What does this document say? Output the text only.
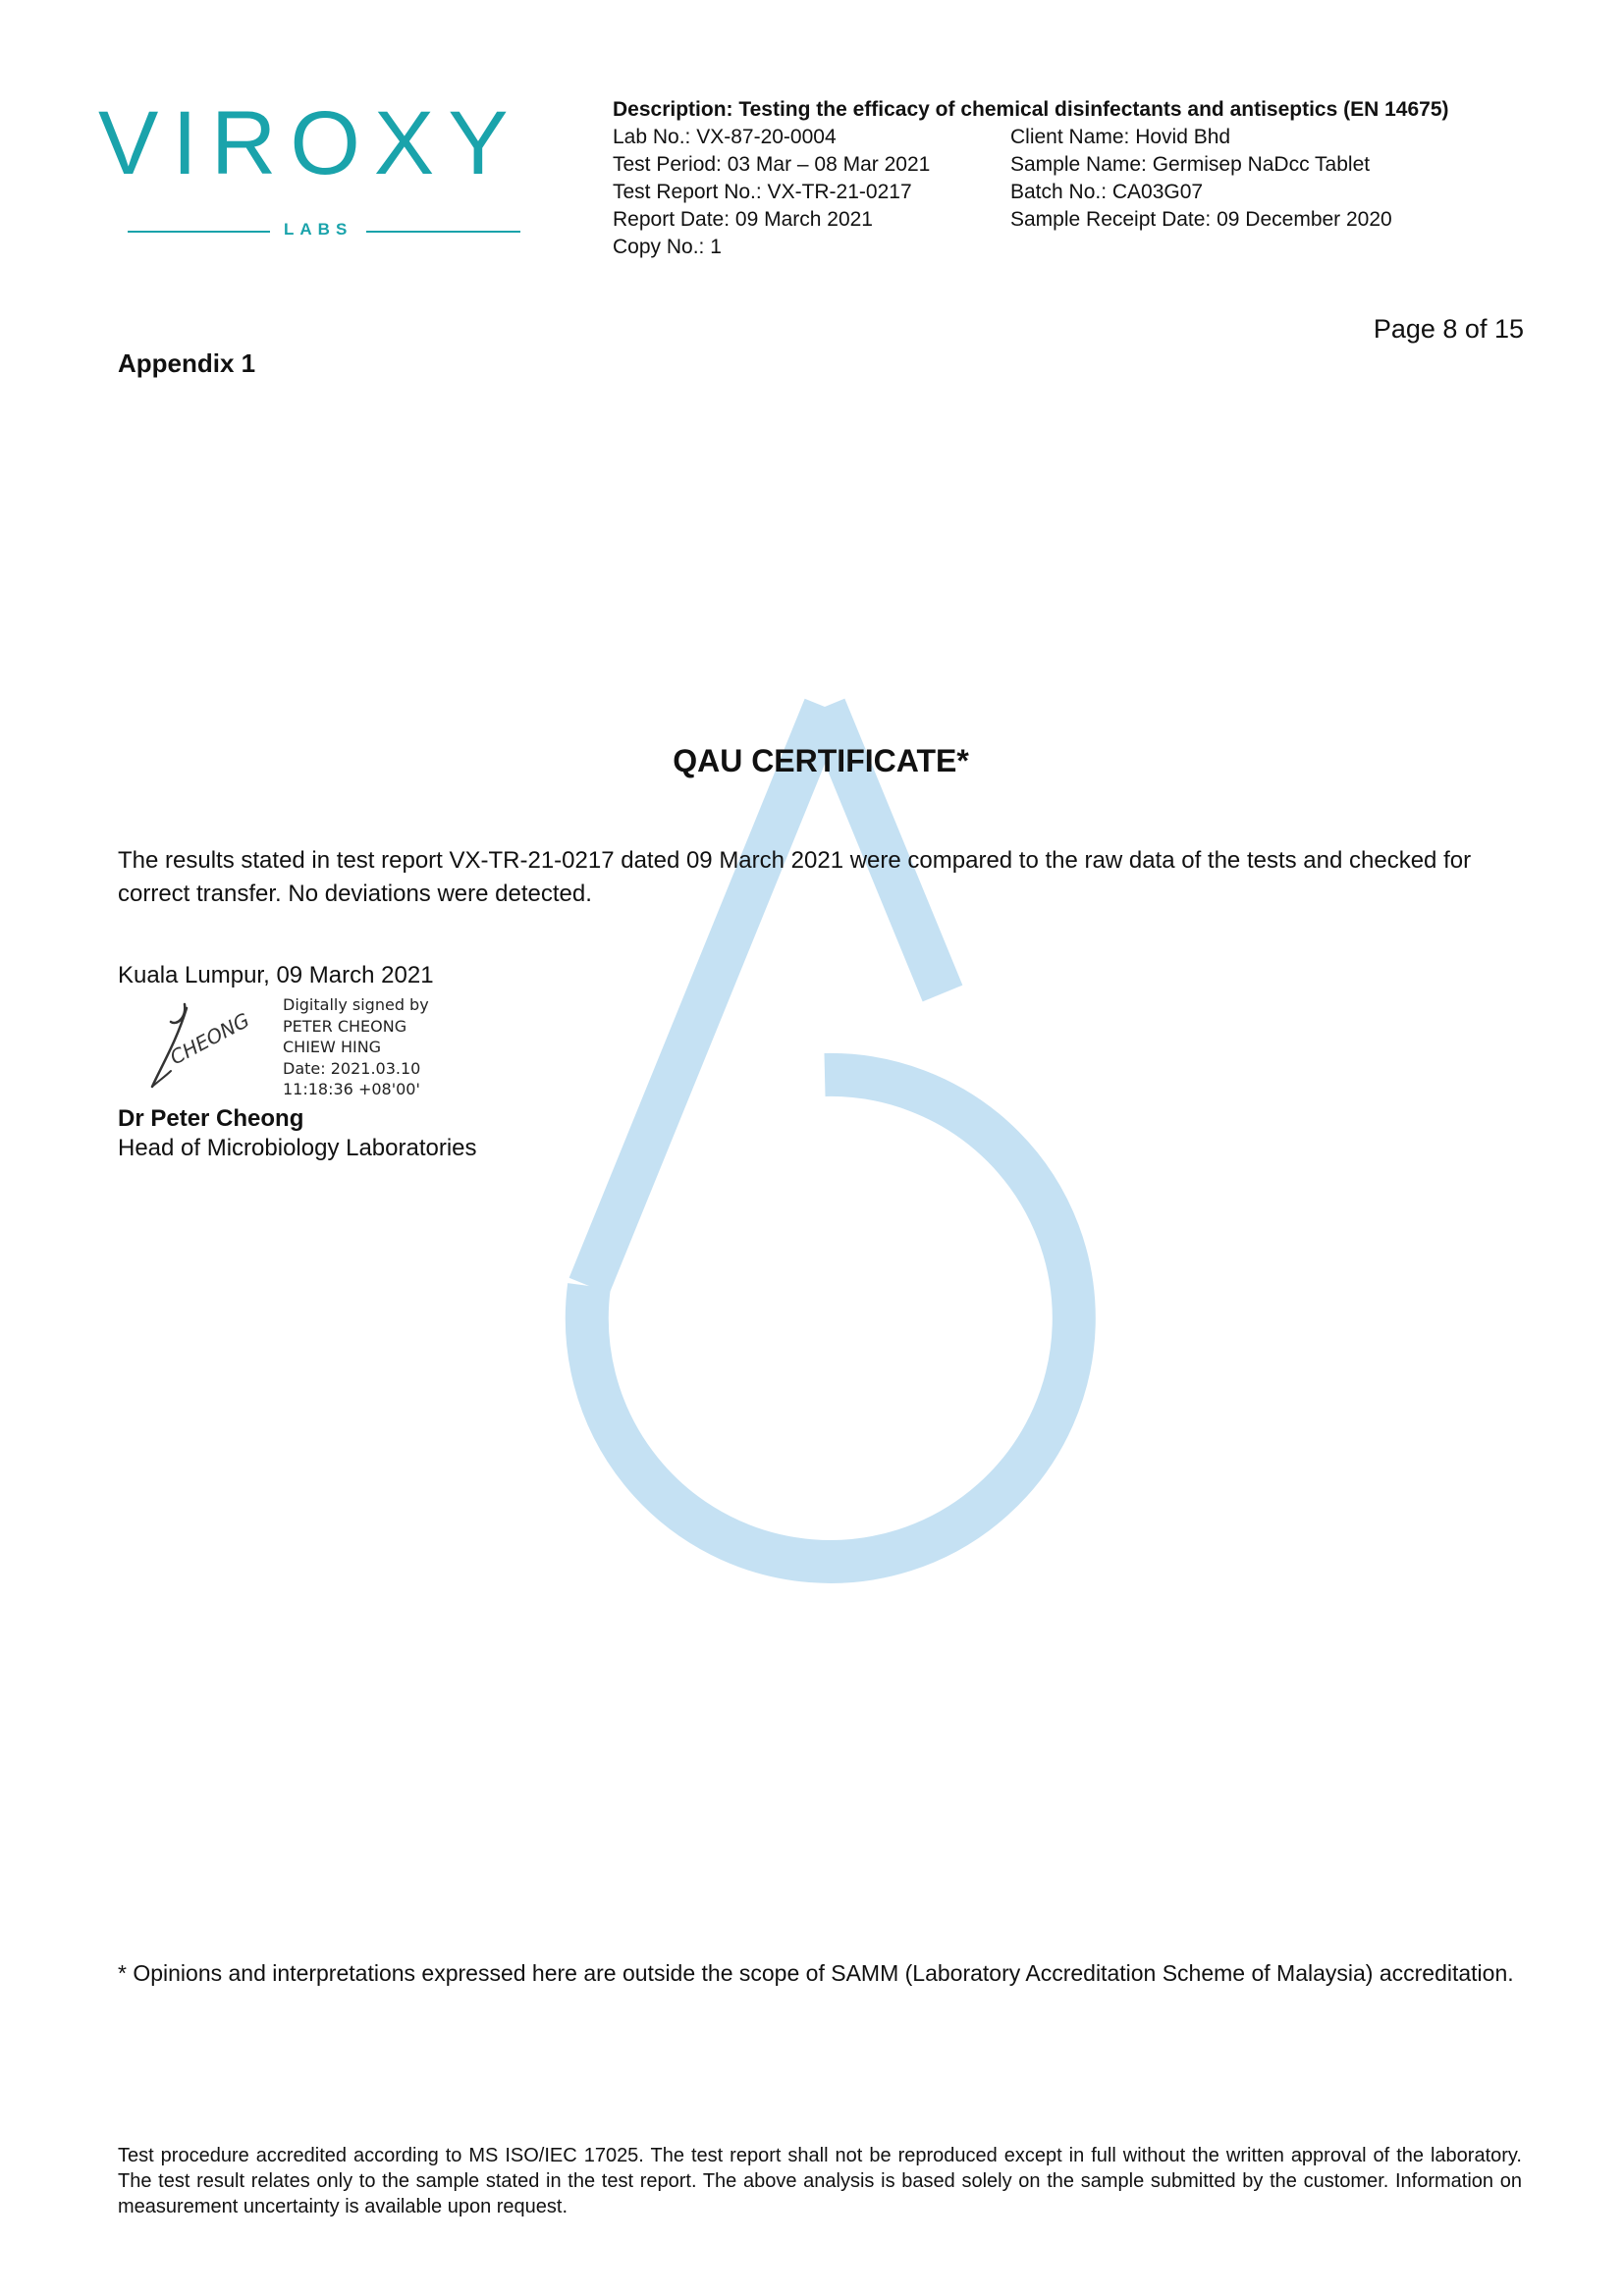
VIROXY
LABS
Description: Testing the efficacy of chemical disinfectants and antiseptics (EN 14675)
Lab No.: VX-87-20-0004	Client Name: Hovid Bhd
Test Period: 03 Mar – 08 Mar 2021	Sample Name: Germisep NaDcc Tablet
Test Report No.: VX-TR-21-0217	Batch No.: CA03G07
Report Date: 09 March 2021	Sample Receipt Date: 09 December 2020
Copy No.: 1
Page 8 of 15
Appendix 1
QAU CERTIFICATE*
The results stated in test report VX-TR-21-0217 dated 09 March 2021 were compared to the raw data of the tests and checked for correct transfer. No deviations were detected.
Kuala Lumpur, 09 March 2021
CHEONG
Digitally signed by
PETER CHEONG
CHIEW HING
Date: 2021.03.10
11:18:36 +08'00'
Dr Peter Cheong
Head of Microbiology Laboratories
* Opinions and interpretations expressed here are outside the scope of SAMM (Laboratory Accreditation Scheme of Malaysia) accreditation.
Test procedure accredited according to MS ISO/IEC 17025. The test report shall not be reproduced except in full without the written approval of the laboratory. The test result relates only to the sample stated in the test report. The above analysis is based solely on the sample submitted by the customer. Information on measurement uncertainty is available upon request.
